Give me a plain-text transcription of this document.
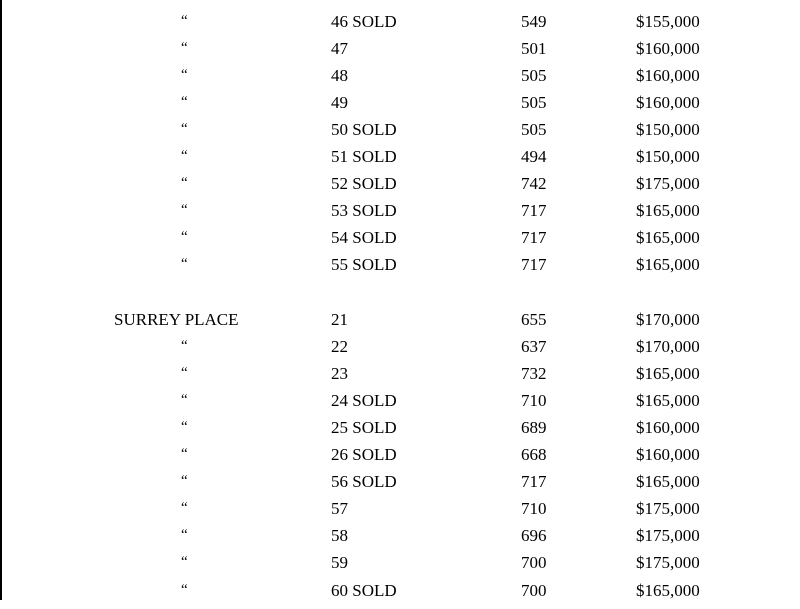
“	46 SOLD	549	$155,000
“	47	501	$160,000
“	48	505	$160,000
“	49	505	$160,000
“	50 SOLD	505	$150,000
“	51 SOLD	494	$150,000
“	52 SOLD	742	$175,000
“	53 SOLD	717	$165,000
“	54 SOLD	717	$165,000
“	55 SOLD	717	$165,000
SURREY PLACE	21	655	$170,000
“	22	637	$170,000
“	23	732	$165,000
“	24 SOLD	710	$165,000
“	25 SOLD	689	$160,000
“	26 SOLD	668	$160,000
“	56 SOLD	717	$165,000
“	57	710	$175,000
“	58	696	$175,000
“	59	700	$175,000
“	60 SOLD	700	$165,000
